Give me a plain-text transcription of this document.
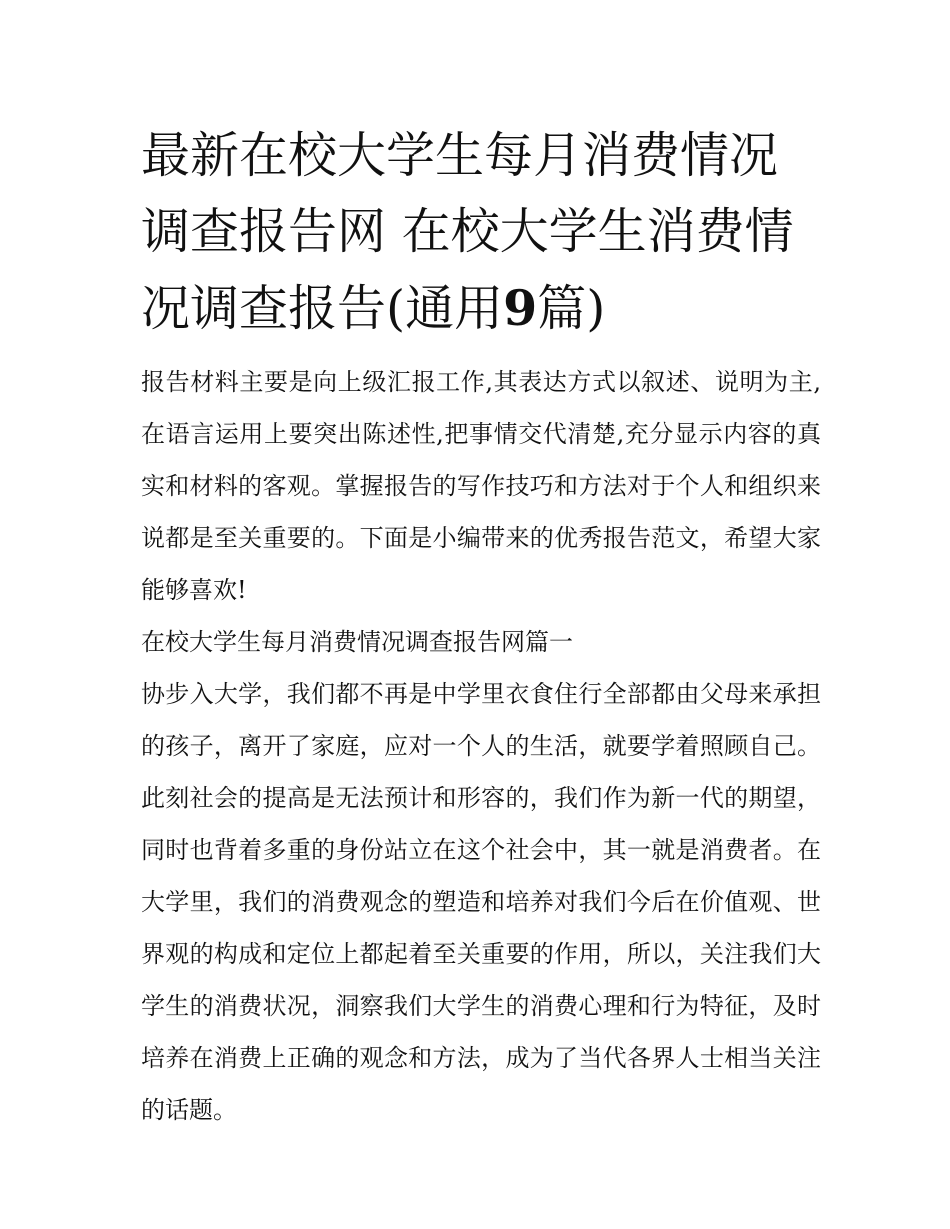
最新在校大学生每月消费情况调查报告网 在校大学生消费情况调查报告(通用9篇)

报告材料主要是向上级汇报工作,其表达方式以叙述、说明为主,在语言运用上要突出陈述性,把事情交代清楚,充分显示内容的真实和材料的客观。掌握报告的写作技巧和方法对于个人和组织来说都是至关重要的。下面是小编带来的优秀报告范文，希望大家能够喜欢!

在校大学生每月消费情况调查报告网篇一

协步入大学，我们都不再是中学里衣食住行全部都由父母来承担的孩子，离开了家庭，应对一个人的生活，就要学着照顾自己。此刻社会的提高是无法预计和形容的，我们作为新一代的期望，同时也背着多重的身份站立在这个社会中，其一就是消费者。在大学里，我们的消费观念的塑造和培养对我们今后在价值观、世界观的构成和定位上都起着至关重要的作用，所以，关注我们大学生的消费状况，洞察我们大学生的消费心理和行为特征，及时培养在消费上正确的观念和方法，成为了当代各界人士相当关注的话题。
